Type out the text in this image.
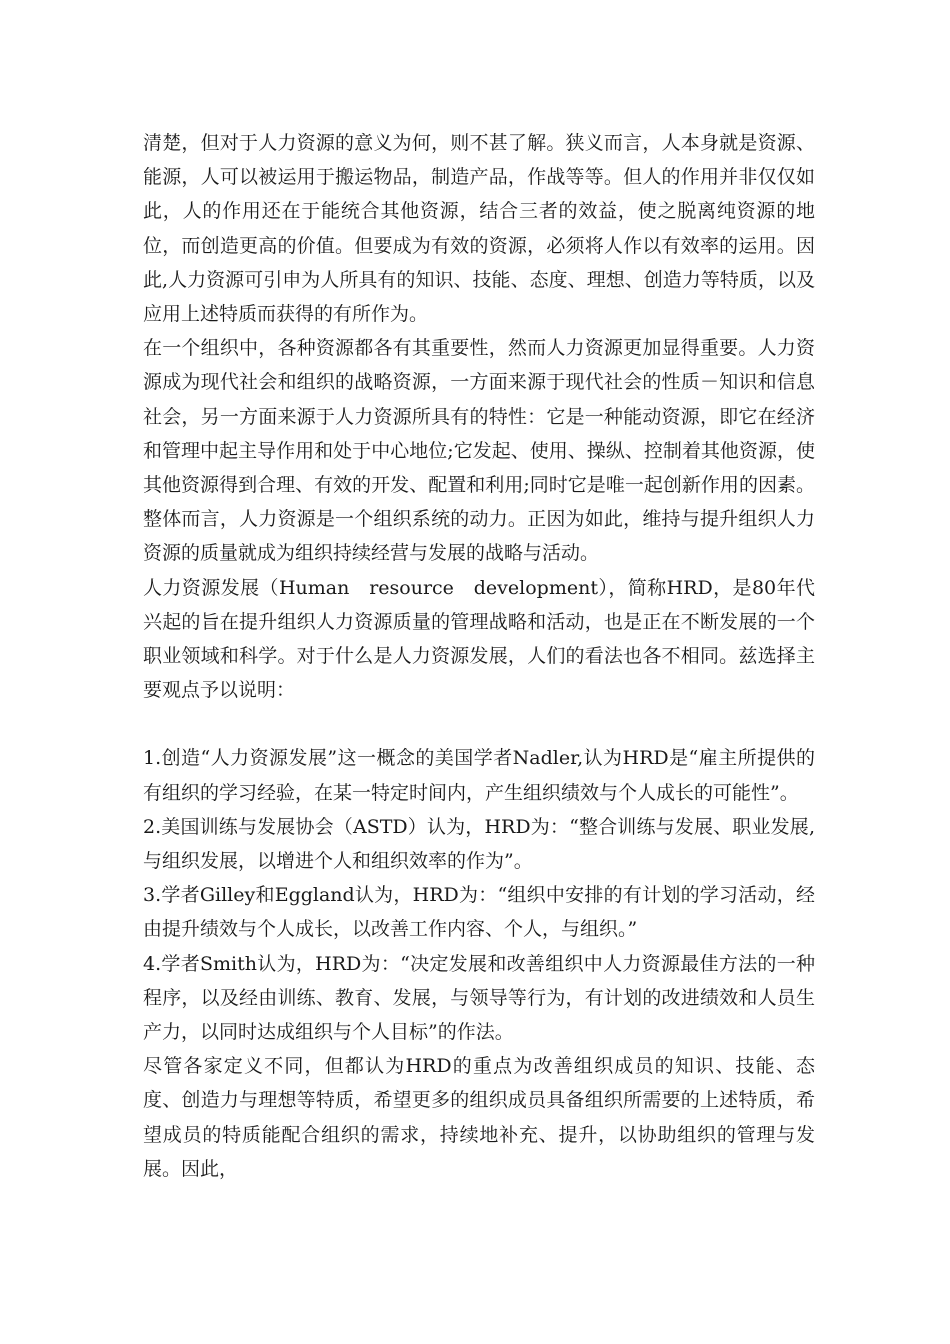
清楚，但对于人力资源的意义为何，则不甚了解。狭义而言，人本身就是资源、能源，人可以被运用于搬运物品，制造产品，作战等等。但人的作用并非仅仅如此，人的作用还在于能统合其他资源，结合三者的效益，使之脱离纯资源的地位，而创造更高的价值。但要成为有效的资源，必须将人作以有效率的运用。因此,人力资源可引申为人所具有的知识、技能、态度、理想、创造力等特质，以及应用上述特质而获得的有所作为。

在一个组织中，各种资源都各有其重要性，然而人力资源更加显得重要。人力资源成为现代社会和组织的战略资源，一方面来源于现代社会的性质－知识和信息社会，另一方面来源于人力资源所具有的特性：它是一种能动资源，即它在经济和管理中起主导作用和处于中心地位;它发起、使用、操纵、控制着其他资源，使其他资源得到合理、有效的开发、配置和利用;同时它是唯一起创新作用的因素。整体而言，人力资源是一个组织系统的动力。正因为如此，维持与提升组织人力资源的质量就成为组织持续经营与发展的战略与活动。

人力资源发展（Human　resource　development），简称HRD，是80年代兴起的旨在提升组织人力资源质量的管理战略和活动，也是正在不断发展的一个职业领域和科学。对于什么是人力资源发展，人们的看法也各不相同。兹选择主要观点予以说明：

1.创造“人力资源发展”这一概念的美国学者Nadler,认为HRD是“雇主所提供的有组织的学习经验，在某一特定时间内，产生组织绩效与个人成长的可能性”。

2.美国训练与发展协会（ASTD）认为，HRD为：“整合训练与发展、职业发展,与组织发展，以增进个人和组织效率的作为”。

3.学者Gilley和Eggland认为，HRD为：“组织中安排的有计划的学习活动，经由提升绩效与个人成长，以改善工作内容、个人，与组织。”

4.学者Smith认为，HRD为：“决定发展和改善组织中人力资源最佳方法的一种程序，以及经由训练、教育、发展，与领导等行为，有计划的改进绩效和人员生产力，以同时达成组织与个人目标”的作法。

尽管各家定义不同，但都认为HRD的重点为改善组织成员的知识、技能、态度、创造力与理想等特质，希望更多的组织成员具备组织所需要的上述特质，希望成员的特质能配合组织的需求，持续地补充、提升，以协助组织的管理与发展。因此，
